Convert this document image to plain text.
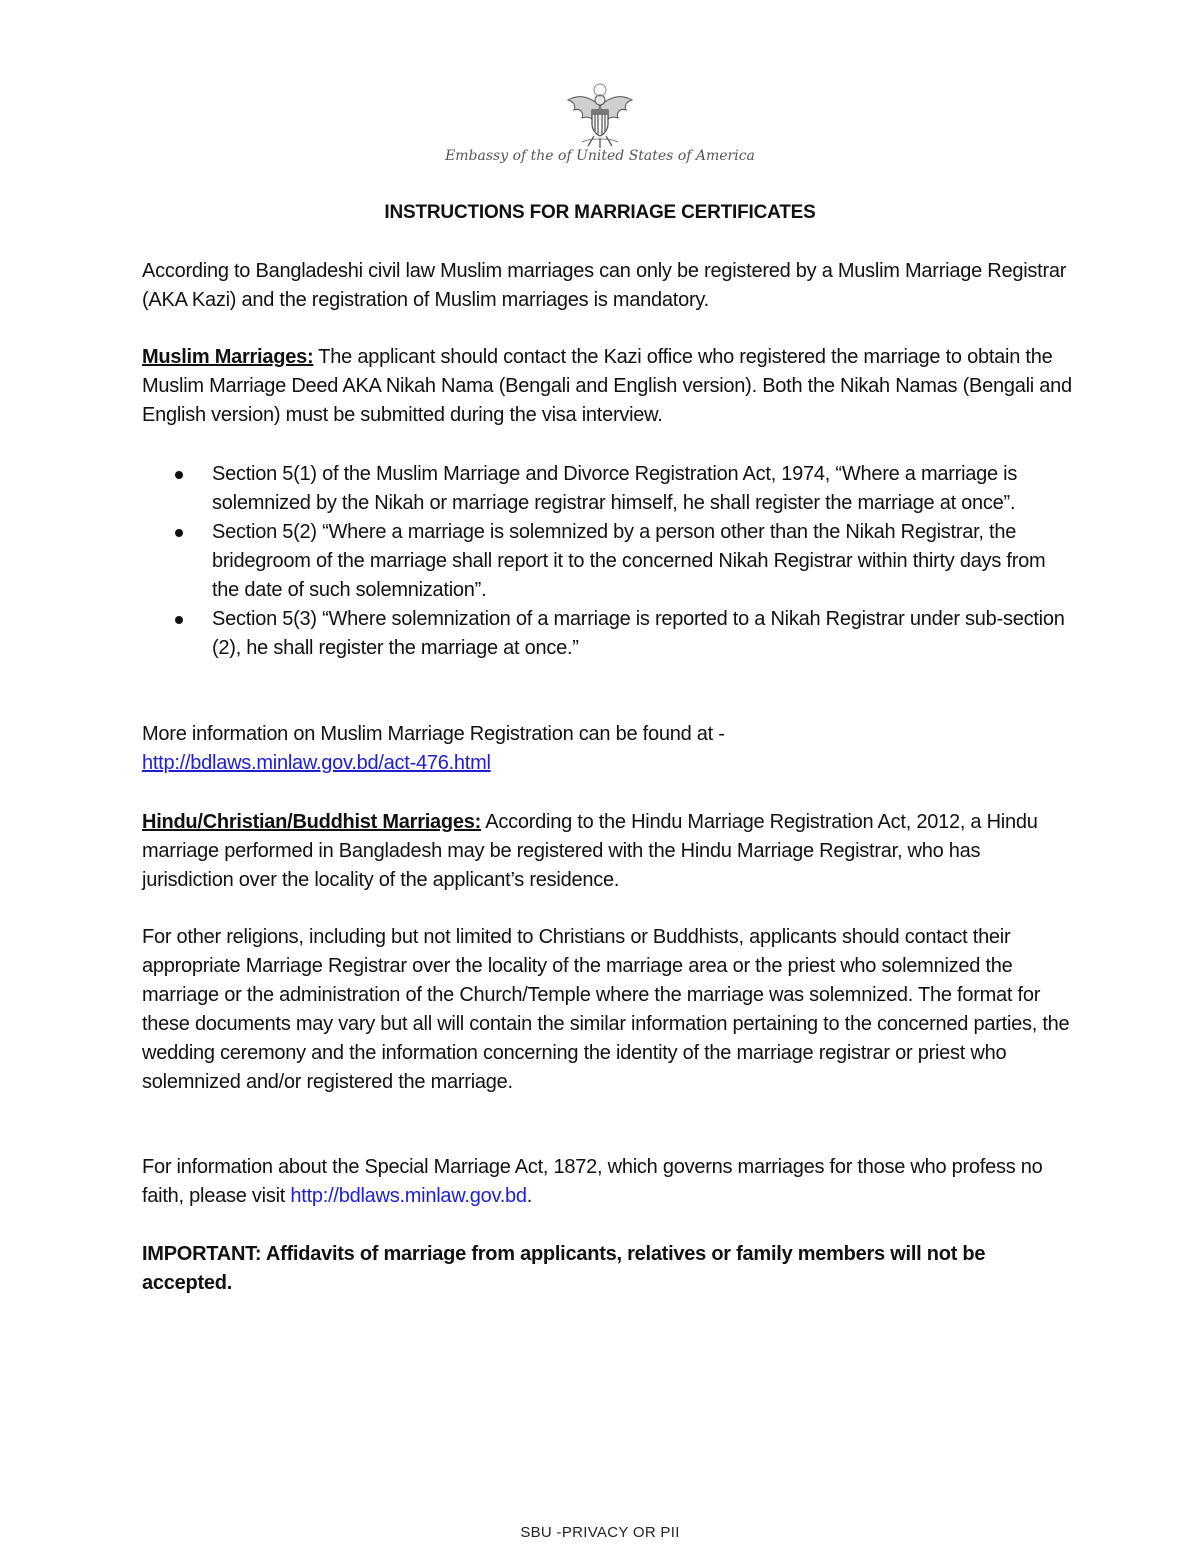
Embassy of the of United States of America
INSTRUCTIONS FOR MARRIAGE CERTIFICATES

According to Bangladeshi civil law Muslim marriages can only be registered by a Muslim Marriage Registrar (AKA Kazi) and the registration of Muslim marriages is mandatory.

Muslim Marriages: The applicant should contact the Kazi office who registered the marriage to obtain the Muslim Marriage Deed AKA Nikah Nama (Bengali and English version). Both the Nikah Namas (Bengali and English version) must be submitted during the visa interview.

Section 5(1) of the Muslim Marriage and Divorce Registration Act, 1974, “Where a marriage is solemnized by the Nikah or marriage registrar himself, he shall register the marriage at once”.
Section 5(2) “Where a marriage is solemnized by a person other than the Nikah Registrar, the bridegroom of the marriage shall report it to the concerned Nikah Registrar within thirty days from the date of such solemnization”.
Section 5(3) “Where solemnization of a marriage is reported to a Nikah Registrar under sub-section (2), he shall register the marriage at once.”

More information on Muslim Marriage Registration can be found at -
http://bdlaws.minlaw.gov.bd/act-476.html

Hindu/Christian/Buddhist Marriages: According to the Hindu Marriage Registration Act, 2012, a Hindu marriage performed in Bangladesh may be registered with the Hindu Marriage Registrar, who has jurisdiction over the locality of the applicant’s residence.

For other religions, including but not limited to Christians or Buddhists, applicants should contact their appropriate Marriage Registrar over the locality of the marriage area or the priest who solemnized the marriage or the administration of the Church/Temple where the marriage was solemnized. The format for these documents may vary but all will contain the similar information pertaining to the concerned parties, the wedding ceremony and the information concerning the identity of the marriage registrar or priest who solemnized and/or registered the marriage.

For information about the Special Marriage Act, 1872, which governs marriages for those who profess no faith, please visit http://bdlaws.minlaw.gov.bd.

IMPORTANT: Affidavits of marriage from applicants, relatives or family members will not be accepted.

SBU -PRIVACY OR PII
